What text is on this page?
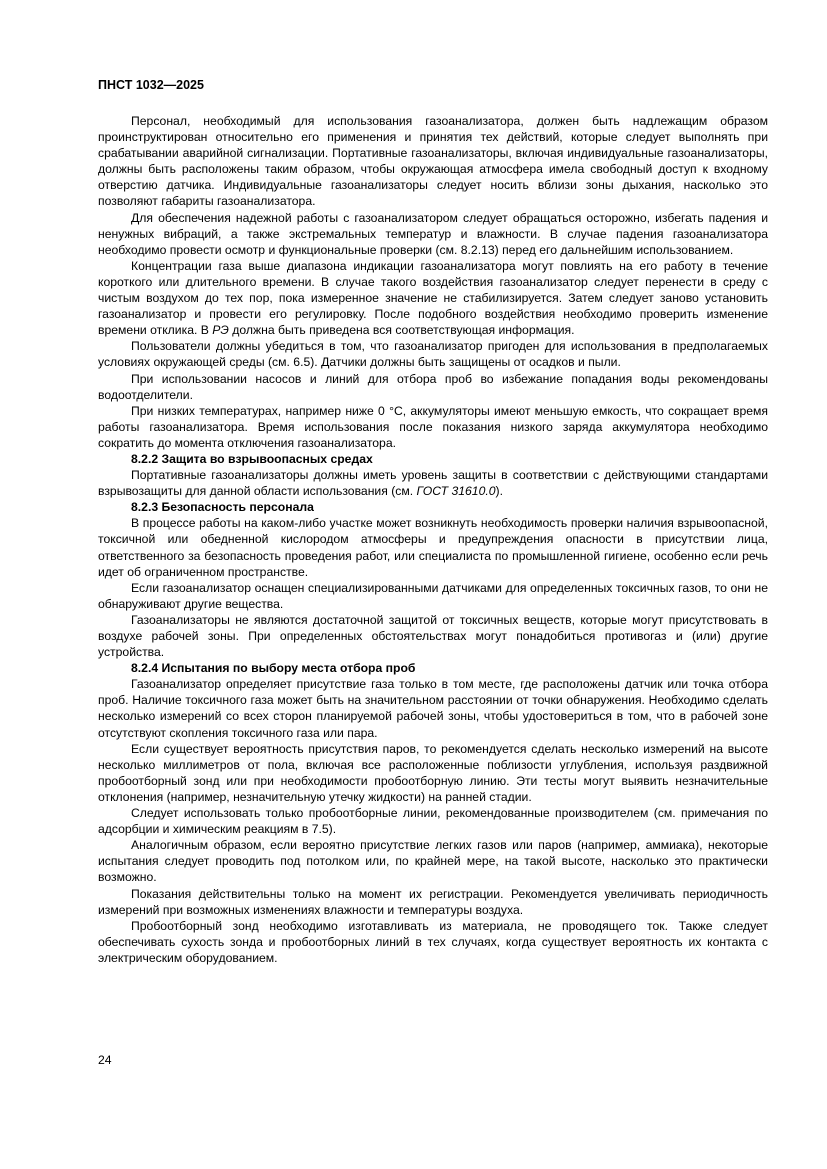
ПНСТ 1032—2025

Персонал, необходимый для использования газоанализатора, должен быть надлежащим образом проинструктирован относительно его применения и принятия тех действий, которые следует выполнять при срабатывании аварийной сигнализации. Портативные газоанализаторы, включая индивидуальные газоанализаторы, должны быть расположены таким образом, чтобы окружающая атмосфера имела свободный доступ к входному отверстию датчика. Индивидуальные газоанализаторы следует носить вблизи зоны дыхания, насколько это позволяют габариты газоанализатора.

Для обеспечения надежной работы с газоанализатором следует обращаться осторожно, избегать падения и ненужных вибраций, а также экстремальных температур и влажности. В случае падения газоанализатора необходимо провести осмотр и функциональные проверки (см. 8.2.13) перед его дальнейшим использованием.

Концентрации газа выше диапазона индикации газоанализатора могут повлиять на его работу в течение короткого или длительного времени. В случае такого воздействия газоанализатор следует перенести в среду с чистым воздухом до тех пор, пока измеренное значение не стабилизируется. Затем следует заново установить газоанализатор и провести его регулировку. После подобного воздействия необходимо проверить изменение времени отклика. В РЭ должна быть приведена вся соответствующая информация.

Пользователи должны убедиться в том, что газоанализатор пригоден для использования в предполагаемых условиях окружающей среды (см. 6.5). Датчики должны быть защищены от осадков и пыли.

При использовании насосов и линий для отбора проб во избежание попадания воды рекомендованы водоотделители.

При низких температурах, например ниже 0 °С, аккумуляторы имеют меньшую емкость, что сокращает время работы газоанализатора. Время использования после показания низкого заряда аккумулятора необходимо сократить до момента отключения газоанализатора.

8.2.2 Защита во взрывоопасных средах

Портативные газоанализаторы должны иметь уровень защиты в соответствии с действующими стандартами взрывозащиты для данной области использования (см. ГОСТ 31610.0).

8.2.3 Безопасность персонала

В процессе работы на каком-либо участке может возникнуть необходимость проверки наличия взрывоопасной, токсичной или обедненной кислородом атмосферы и предупреждения опасности в присутствии лица, ответственного за безопасность проведения работ, или специалиста по промышленной гигиене, особенно если речь идет об ограниченном пространстве.

Если газоанализатор оснащен специализированными датчиками для определенных токсичных газов, то они не обнаруживают другие вещества.

Газоанализаторы не являются достаточной защитой от токсичных веществ, которые могут присутствовать в воздухе рабочей зоны. При определенных обстоятельствах могут понадобиться противогаз и (или) другие устройства.

8.2.4 Испытания по выбору места отбора проб

Газоанализатор определяет присутствие газа только в том месте, где расположены датчик или точка отбора проб. Наличие токсичного газа может быть на значительном расстоянии от точки обнаружения. Необходимо сделать несколько измерений со всех сторон планируемой рабочей зоны, чтобы удостовериться в том, что в рабочей зоне отсутствуют скопления токсичного газа или пара.

Если существует вероятность присутствия паров, то рекомендуется сделать несколько измерений на высоте несколько миллиметров от пола, включая все расположенные поблизости углубления, используя раздвижной пробоотборный зонд или при необходимости пробоотборную линию. Эти тесты могут выявить незначительные отклонения (например, незначительную утечку жидкости) на ранней стадии.

Следует использовать только пробоотборные линии, рекомендованные производителем (см. примечания по адсорбции и химическим реакциям в 7.5).

Аналогичным образом, если вероятно присутствие легких газов или паров (например, аммиака), некоторые испытания следует проводить под потолком или, по крайней мере, на такой высоте, насколько это практически возможно.

Показания действительны только на момент их регистрации. Рекомендуется увеличивать периодичность измерений при возможных изменениях влажности и температуры воздуха.

Пробоотборный зонд необходимо изготавливать из материала, не проводящего ток. Также следует обеспечивать сухость зонда и пробоотборных линий в тех случаях, когда существует вероятность их контакта с электрическим оборудованием.

24
